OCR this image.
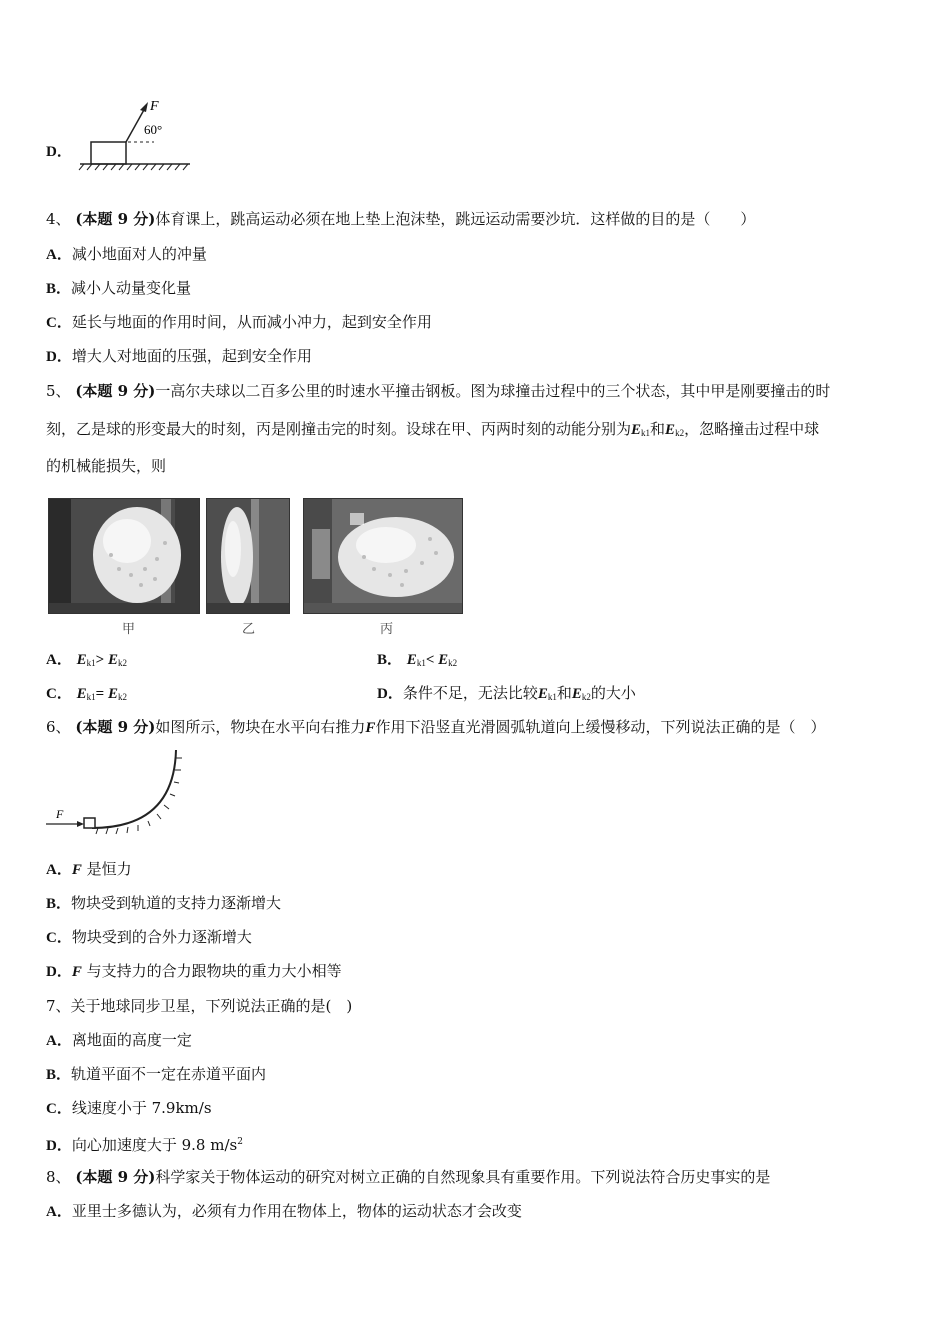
D．
F
60°
4、 (本题 9 分)体育课上，跳高运动必须在地上垫上泡沫垫，跳远运动需要沙坑．这样做的目的是（　　）
A．减小地面对人的冲量
B．减小人动量变化量
C．延长与地面的作用时间，从而减小冲力，起到安全作用
D．增大人对地面的压强，起到安全作用
5、 (本题 9 分)一高尔夫球以二百多公里的时速水平撞击钢板。图为球撞击过程中的三个状态，其中甲是刚要撞击的时
刻，乙是球的形变最大的时刻，丙是刚撞击完的时刻。设球在甲、丙两时刻的动能分别为$E_{k1}$和$E_{k2}$，忽略撞击过程中球
的机械能损失，则
甲	乙	丙
A． $E_{k1}> E_{k2}$	B． $E_{k1}< E_{k2}$
C． $E_{k1}= E_{k2}$	D．条件不足，无法比较$E_{k1}$和$E_{k2}$的大小
6、 (本题 9 分)如图所示，物块在水平向右推力F作用下沿竖直光滑圆弧轨道向上缓慢移动，下列说法正确的是（　）
F
A．F 是恒力
B．物块受到轨道的支持力逐渐增大
C．物块受到的合外力逐渐增大
D．F 与支持力的合力跟物块的重力大小相等
7、关于地球同步卫星，下列说法正确的是(　)
A．离地面的高度一定
B．轨道平面不一定在赤道平面内
C．线速度小于 7.9km/s
D．向心加速度大于 9.8 $m/s^2$
8、 (本题 9 分)科学家关于物体运动的研究对树立正确的自然现象具有重要作用。下列说法符合历史事实的是
A．亚里士多德认为，必须有力作用在物体上，物体的运动状态才会改变
